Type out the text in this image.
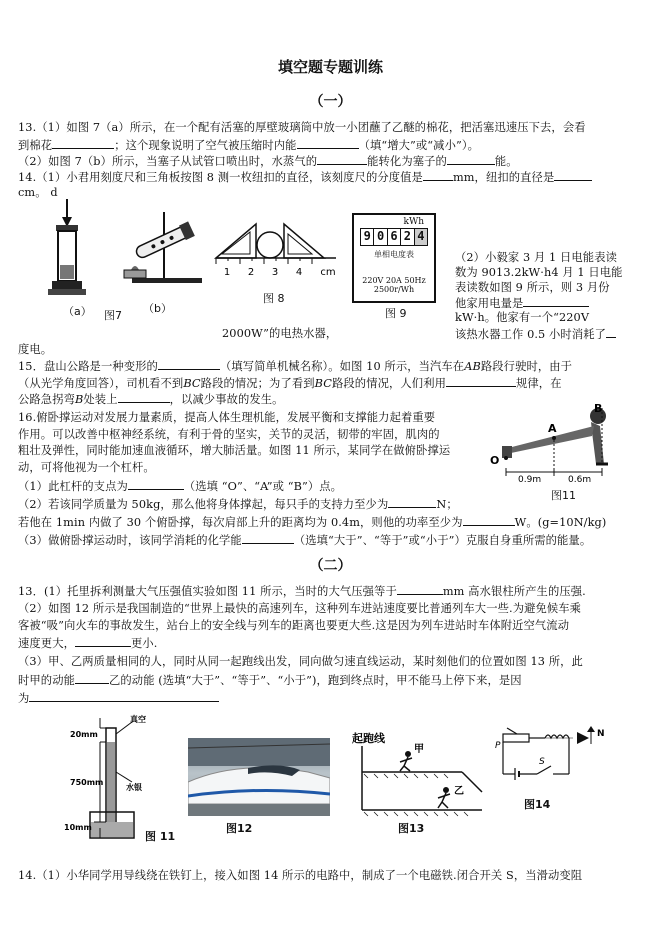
填空题专题训练
（一）
13.（1）如图 7（a）所示，在一个配有活塞的厚壁玻璃筒中放一小团蘸了乙醚的棉花，把活塞迅速压下去，会看
到棉花	；这个现象说明了空气被压缩时内能	（填“增大”或“减小”）。
（2）如图 7（b）所示，当塞子从试管口喷出时，水蒸气的	能转化为塞子的	能。
14.（1）小君用刻度尺和三角板按图 8 测一枚纽扣的直径，该刻度尺的分度值是	mm，纽扣的直径是
cm。 d
（a） 图7
（b）
1 2 3 4 cm
图 8
kWh
9 0 6 2 4
单相电度表
220V 20A 50Hz
2500r/Wh
图 9
（2）小毅家 3 月 1 日电能表读
数为 9013.2kW·h4 月 1 日电能
表读数如图 9 所示，则 3 月份
他家用电量是
kW·h。他家有一个“220V
2000W”的电热水器，	该热水器工作 0.5 小时消耗了
度电。
15．盘山公路是一种变形的	（填写简单机械名称）。如图 10 所示，当汽车在AB路段行驶时，由于
（从光学角度回答），司机看不到BC路段的情况；为了看到BC路段的情况，人们利用	规律，在
公路急拐弯B处装上	，以减少事故的发生。
16.俯卧撑运动对发展力量素质，提高人体生理机能，发展平衡和支撑能力起着重要
作用。可以改善中枢神经系统，有利于骨的坚实，关节的灵活，韧带的牢固，肌肉的
粗壮及弹性，同时能加速血液循环，增大肺活量。如图 11 所示，某同学在做俯卧撑运
动，可将他视为一个杠杆。
B
A
O
0.9m	0.6m
图11
（1）此杠杆的支点为	（选填 “O”、“A”或 “B”）点。
（2）若该同学质量为 50kg，那么他将身体撑起，每只手的支持力至少为	N；
若他在 1min 内做了 30 个俯卧撑，每次肩部上升的距离均为 0.4m，则他的功率至少为	W。(g=10N/kg)
（3）做俯卧撑运动时，该同学消耗的化学能	（选填“大于”、“等于”或“小于”）克服自身重所需的能量。
（二）
13．(1）托里拆利测量大气压强值实验如图 11 所示，当时的大气压强等于	mm 高水银柱所产生的压强.
（2）如图 12 所示是我国制造的“世界上最快的高速列车，这种列车进站速度要比普通列车大一些.为避免候车乘
客被“吸”向火车的事故发生，站台上的安全线与列车的距离也要更大些.这是因为列车进站时车体附近空气流动
速度更大，	更小.
（3）甲、乙两质量相同的人，同时从同一起跑线出发，同向做匀速直线运动，某时刻他们的位置如图 13 所，此
时甲的动能	乙的动能 (选填“大于”、“等于”、“小于”)，跑到终点时，甲不能马上停下来，是因
为
真空
20mm
750mm
水银
10mm
图 11
图12
起跑线
甲
乙
图13
P
N
S
图14
14.（1）小华同学用导线绕在铁钉上，接入如图 14 所示的电路中，制成了一个电磁铁.闭合开关 S，当滑动变阻
